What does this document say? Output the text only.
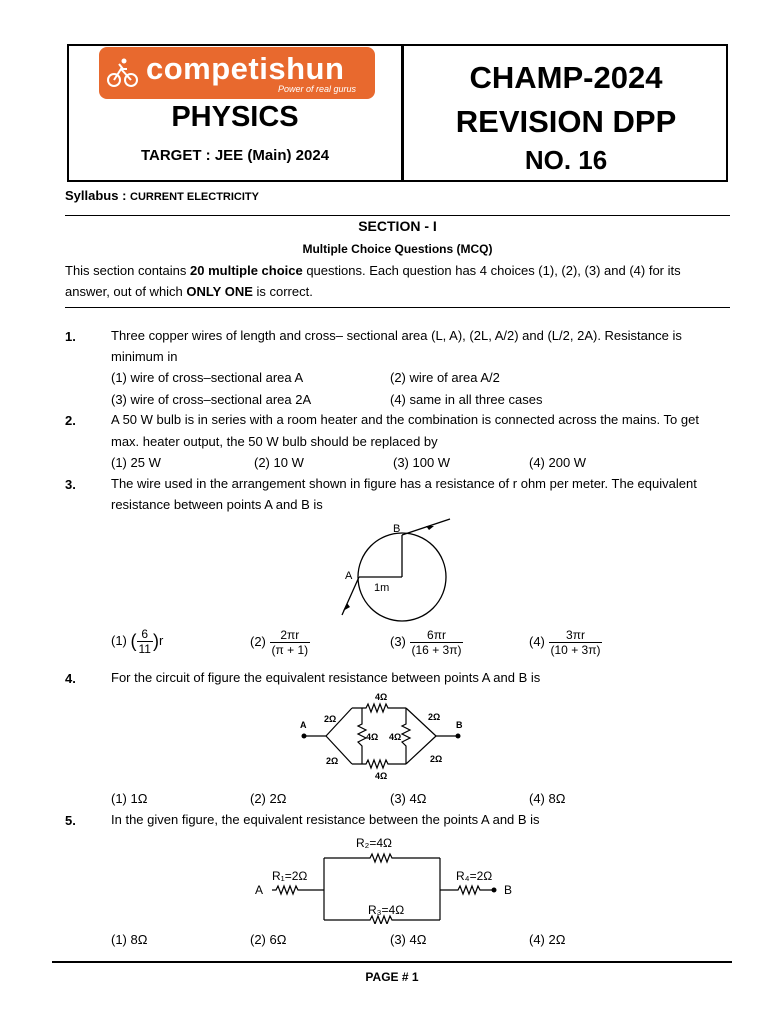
competishun
Power of real gurus
PHYSICS
TARGET : JEE (Main) 2024
CHAMP-2024
REVISION DPP
NO. 16
Syllabus : CURRENT ELECTRICITY
SECTION - I
Multiple Choice Questions (MCQ)
This section contains 20 multiple choice questions. Each question has 4 choices (1), (2), (3) and (4) for its
answer, out of which ONLY ONE is correct.
1.	Three copper wires of length and cross– sectional area (L, A), (2L, A/2) and (L/2, 2A). Resistance is
minimum in
(1) wire of cross–sectional area A	(2) wire of area A/2
(3) wire of cross–sectional area 2A	(4) same in all three cases
2.	A 50 W bulb is in series with a room heater and the combination is connected across the mains. To get
max. heater output, the 50 W bulb should be replaced by
(1) 25 W	(2) 10 W	(3) 100 W	(4) 200 W
3.	The wire used in the arrangement shown in figure has a resistance of r ohm per meter. The equivalent
resistance between points A and B is
B
A
1m
(1) ( $\frac{6}{11} )r$	$(2) \frac{2\pi r}{(\pi + 1)}$	$(3) \frac{6\pi r}{(16 + 3\pi)}$	$(4) \frac{3\pi r}{(10 + 3\pi)}$
4.	For the circuit of figure the equivalent resistance between points A and B is
A	B
4Ω
4Ω
4Ω 4Ω
2Ω
2Ω
2Ω
2Ω
(1) 1Ω	(2) 2Ω	(3) 4Ω	(4) 8Ω
5.	In the given figure, the equivalent resistance between the points A and B is
A	B
R₁=2Ω
R₂=4Ω
R₃=4Ω
R₄=2Ω
(1) 8Ω	(2) 6Ω	(3) 4Ω	(4) 2Ω
PAGE # 1
